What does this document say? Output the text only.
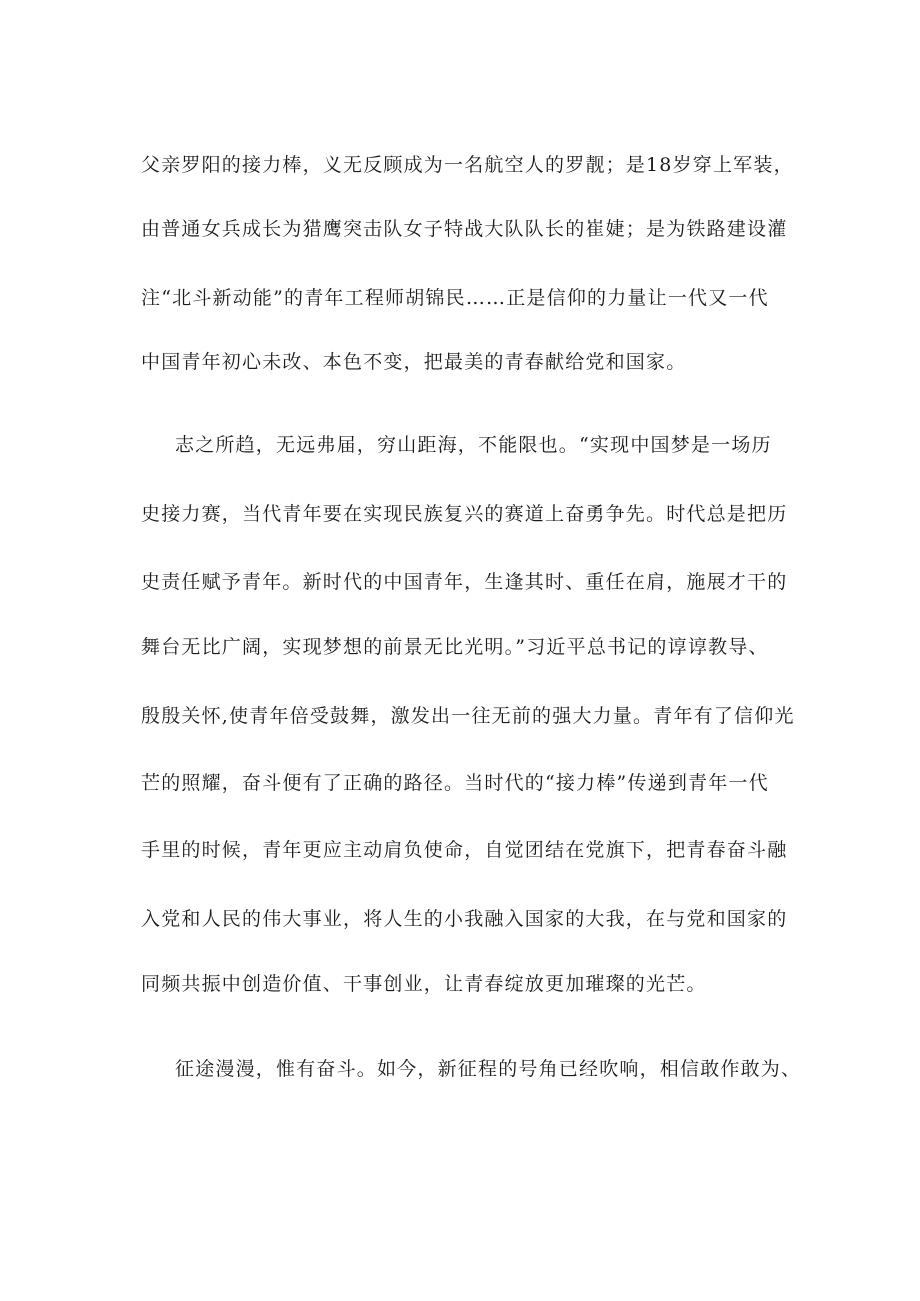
父亲罗阳的接力棒，义无反顾成为一名航空人的罗靓；是18岁穿上军装，
由普通女兵成长为猎鹰突击队女子特战大队队长的崔婕；是为铁路建设灌
注“北斗新动能”的青年工程师胡锦民……正是信仰的力量让一代又一代
中国青年初心未改、本色不变，把最美的青春献给党和国家。
志之所趋，无远弗届，穷山距海，不能限也。“实现中国梦是一场历
史接力赛，当代青年要在实现民族复兴的赛道上奋勇争先。时代总是把历
史责任赋予青年。新时代的中国青年，生逢其时、重任在肩，施展才干的
舞台无比广阔，实现梦想的前景无比光明。”习近平总书记的谆谆教导、
殷殷关怀,使青年倍受鼓舞，激发出一往无前的强大力量。青年有了信仰光
芒的照耀，奋斗便有了正确的路径。当时代的“接力棒”传递到青年一代
手里的时候，青年更应主动肩负使命，自觉团结在党旗下，把青春奋斗融
入党和人民的伟大事业，将人生的小我融入国家的大我，在与党和国家的
同频共振中创造价值、干事创业，让青春绽放更加璀璨的光芒。
征途漫漫，惟有奋斗。如今，新征程的号角已经吹响，相信敢作敢为、
